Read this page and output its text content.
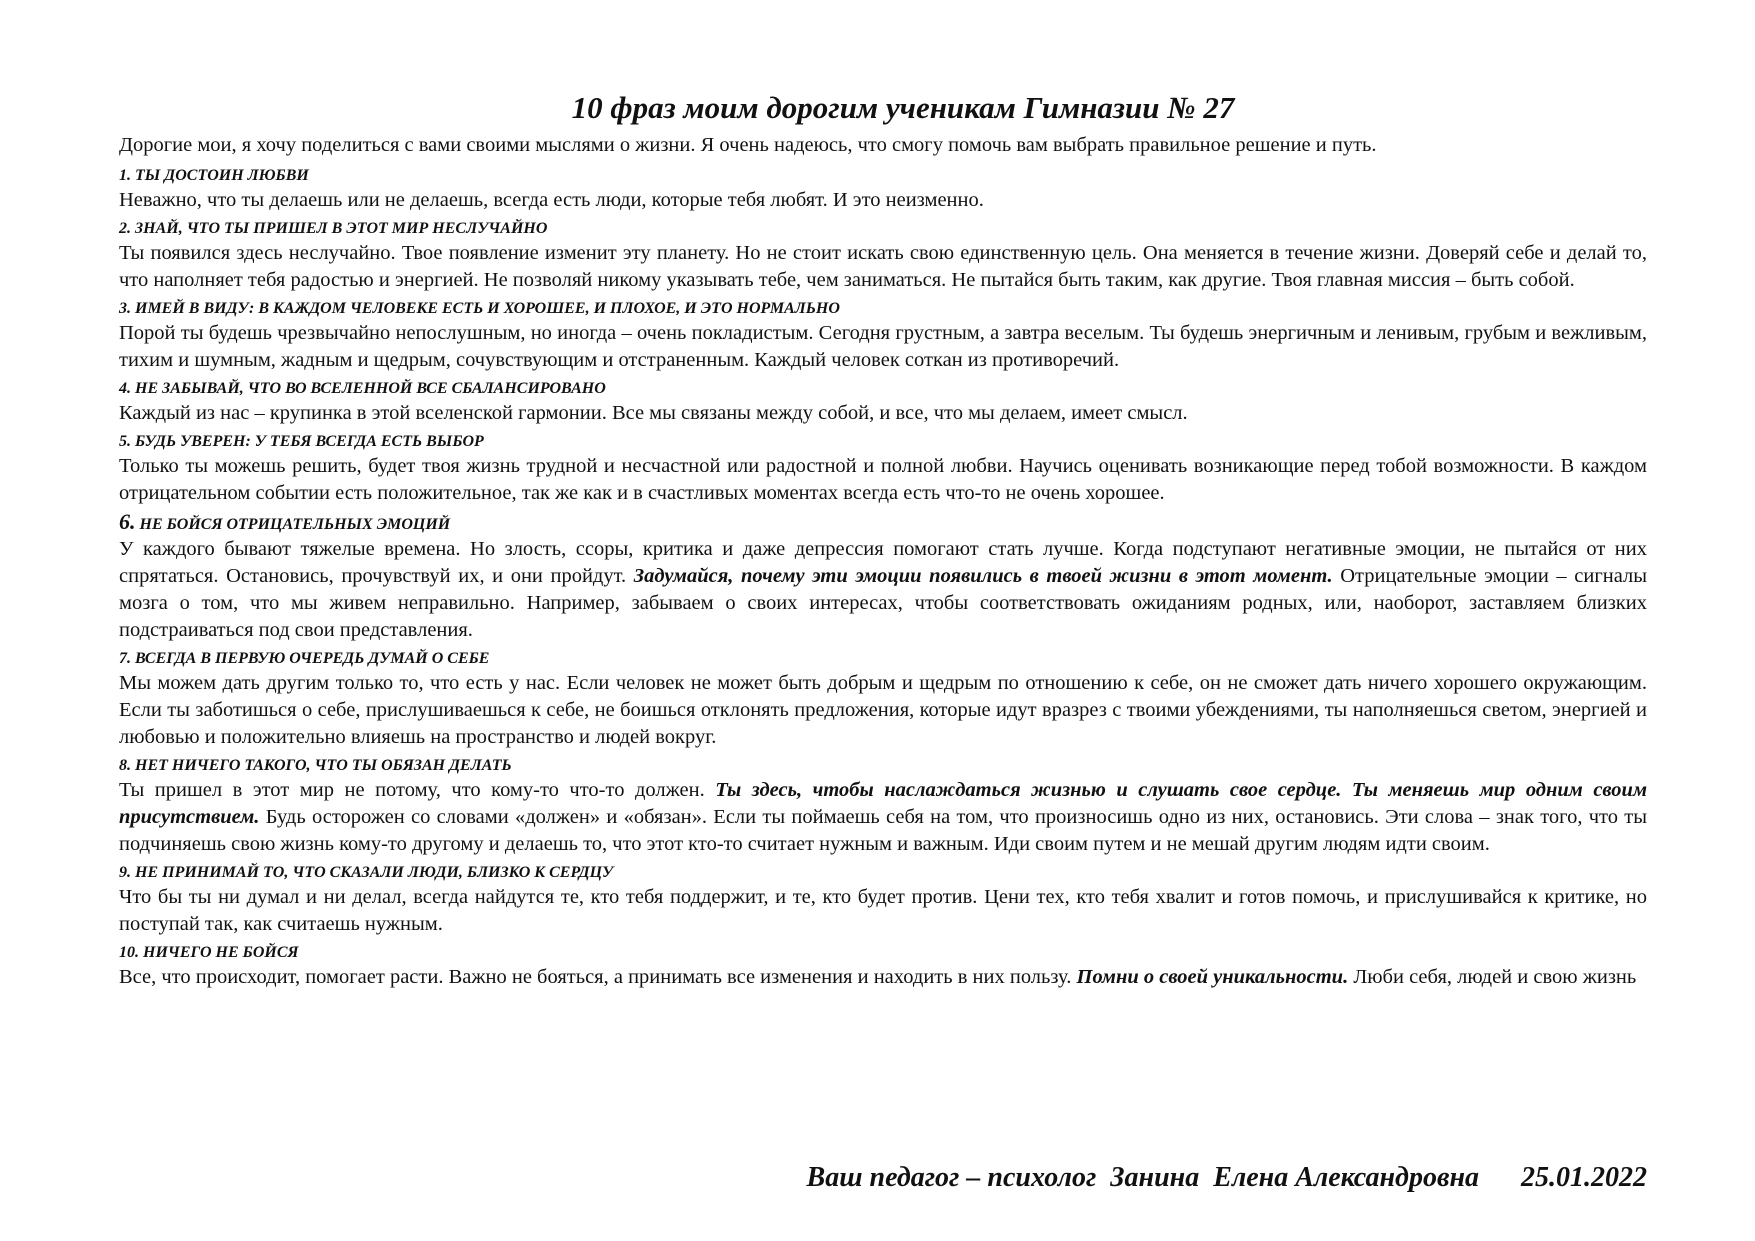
10 фраз моим дорогим ученикам Гимназии № 27

Дорогие мои, я хочу поделиться с вами своими мыслями о жизни. Я очень надеюсь, что смогу помочь вам выбрать правильное решение и путь.

1. ТЫ ДОСТОИН ЛЮБВИ

Неважно, что ты делаешь или не делаешь, всегда есть люди, которые тебя любят. И это неизменно.

2. ЗНАЙ, ЧТО ТЫ ПРИШЕЛ В ЭТОТ МИР НЕСЛУЧАЙНО

Ты появился здесь неслучайно. Твое появление изменит эту планету. Но не стоит искать свою единственную цель. Она меняется в течение жизни. Доверяй себе и делай то, что наполняет тебя радостью и энергией. Не позволяй никому указывать тебе, чем заниматься. Не пытайся быть таким, как другие. Твоя главная миссия – быть собой.

3. ИМЕЙ В ВИДУ: В КАЖДОМ ЧЕЛОВЕКЕ ЕСТЬ И ХОРОШЕЕ, И ПЛОХОЕ, И ЭТО НОРМАЛЬНО

Порой ты будешь чрезвычайно непослушным, но иногда – очень покладистым. Сегодня грустным, а завтра веселым. Ты будешь энергичным и ленивым, грубым и вежливым, тихим и шумным, жадным и щедрым, сочувствующим и отстраненным. Каждый человек соткан из противоречий.

4. НЕ ЗАБЫВАЙ, ЧТО ВО ВСЕЛЕННОЙ ВСЕ СБАЛАНСИРОВАНО

Каждый из нас – крупинка в этой вселенской гармонии. Все мы связаны между собой, и все, что мы делаем, имеет смысл.

5. БУДЬ УВЕРЕН: У ТЕБЯ ВСЕГДА ЕСТЬ ВЫБОР

Только ты можешь решить, будет твоя жизнь трудной и несчастной или радостной и полной любви. Научись оценивать возникающие перед тобой возможности. В каждом отрицательном событии есть положительное, так же как и в счастливых моментах всегда есть что-то не очень хорошее.

6. НЕ БОЙСЯ ОТРИЦАТЕЛЬНЫХ ЭМОЦИЙ

У каждого бывают тяжелые времена. Но злость, ссоры, критика и даже депрессия помогают стать лучше. Когда подступают негативные эмоции, не пытайся от них спрятаться. Остановись, прочувствуй их, и они пройдут. Задумайся, почему эти эмоции появились в твоей жизни в этот момент. Отрицательные эмоции – сигналы мозга о том, что мы живем неправильно. Например, забываем о своих интересах, чтобы соответствовать ожиданиям родных, или, наоборот, заставляем близких подстраиваться под свои представления.

7. ВСЕГДА В ПЕРВУЮ ОЧЕРЕДЬ ДУМАЙ О СЕБЕ

Мы можем дать другим только то, что есть у нас. Если человек не может быть добрым и щедрым по отношению к себе, он не сможет дать ничего хорошего окружающим. Если ты заботишься о себе, прислушиваешься к себе, не боишься отклонять предложения, которые идут вразрез с твоими убеждениями, ты наполняешься светом, энергией и любовью и положительно влияешь на пространство и людей вокруг.

8. НЕТ НИЧЕГО ТАКОГО, ЧТО ТЫ ОБЯЗАН ДЕЛАТЬ

Ты пришел в этот мир не потому, что кому-то что-то должен. Ты здесь, чтобы наслаждаться жизнью и слушать свое сердце. Ты меняешь мир одним своим присутствием. Будь осторожен со словами «должен» и «обязан». Если ты поймаешь себя на том, что произносишь одно из них, остановись. Эти слова – знак того, что ты подчиняешь свою жизнь кому-то другому и делаешь то, что этот кто-то считает нужным и важным. Иди своим путем и не мешай другим людям идти своим.

9. НЕ ПРИНИМАЙ ТО, ЧТО СКАЗАЛИ ЛЮДИ, БЛИЗКО К СЕРДЦУ

Что бы ты ни думал и ни делал, всегда найдутся те, кто тебя поддержит, и те, кто будет против. Цени тех, кто тебя хвалит и готов помочь, и прислушивайся к критике, но поступай так, как считаешь нужным.

10. НИЧЕГО НЕ БОЙСЯ

Все, что происходит, помогает расти. Важно не бояться, а принимать все изменения и находить в них пользу. Помни о своей уникальности. Люби себя, людей и свою жизнь

Ваш педагог – психолог  Занина  Елена Александровна      25.01.2022
